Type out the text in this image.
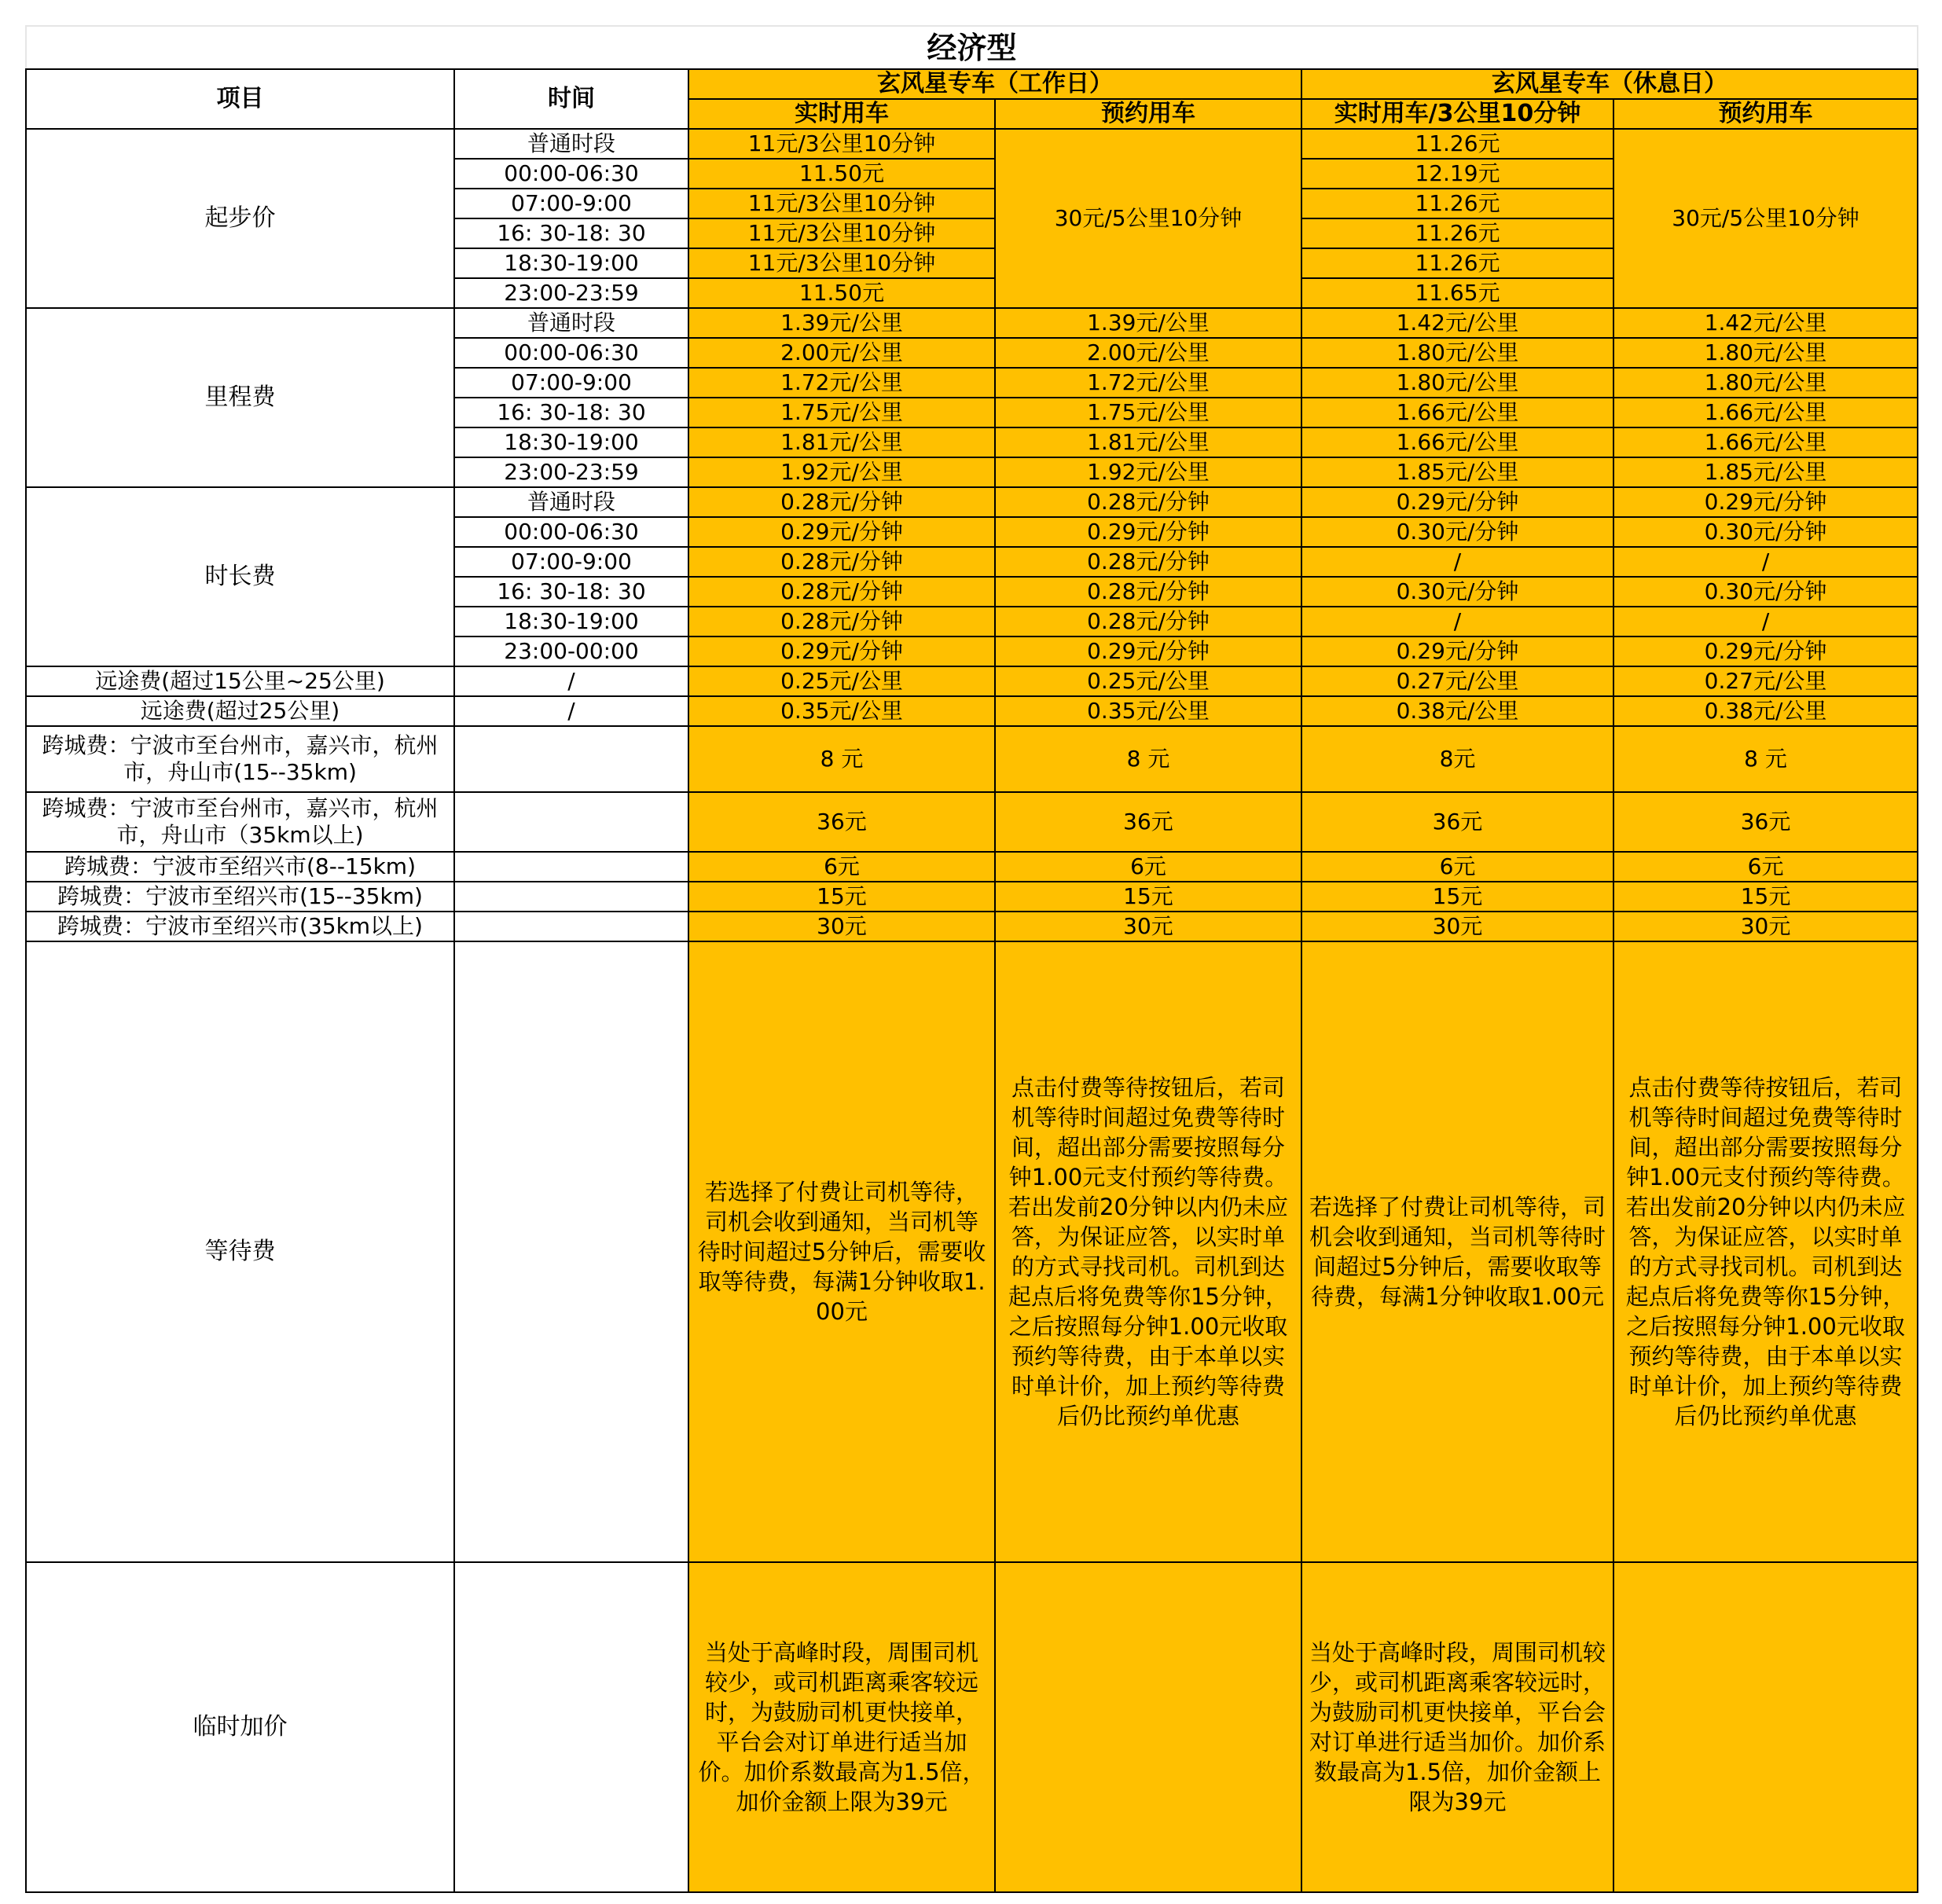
经济型					
项目	时间	玄风星专车（工作日）		玄风星专车（休息日）	
		实时用车	预约用车	实时用车/3公里10分钟	预约用车
起步价	普通时段	11元/3公里10分钟	30元/5公里10分钟	11.26元	30元/5公里10分钟
	00:00-06:30	11.50元		12.19元	
	07:00-9:00	11元/3公里10分钟		11.26元	
	16: 30-18: 30	11元/3公里10分钟		11.26元	
	18:30-19:00	11元/3公里10分钟		11.26元	
	23:00-23:59	11.50元		11.65元	
里程费	普通时段	1.39元/公里	1.39元/公里	1.42元/公里	1.42元/公里
	00:00-06:30	2.00元/公里	2.00元/公里	1.80元/公里	1.80元/公里
	07:00-9:00	1.72元/公里	1.72元/公里	1.80元/公里	1.80元/公里
	16: 30-18: 30	1.75元/公里	1.75元/公里	1.66元/公里	1.66元/公里
	18:30-19:00	1.81元/公里	1.81元/公里	1.66元/公里	1.66元/公里
	23:00-23:59	1.92元/公里	1.92元/公里	1.85元/公里	1.85元/公里
时长费	普通时段	0.28元/分钟	0.28元/分钟	0.29元/分钟	0.29元/分钟
	00:00-06:30	0.29元/分钟	0.29元/分钟	0.30元/分钟	0.30元/分钟
	07:00-9:00	0.28元/分钟	0.28元/分钟	/	/
	16: 30-18: 30	0.28元/分钟	0.28元/分钟	0.30元/分钟	0.30元/分钟
	18:30-19:00	0.28元/分钟	0.28元/分钟	/	/
	23:00-00:00	0.29元/分钟	0.29元/分钟	0.29元/分钟	0.29元/分钟
远途费(超过15公里~25公里)	/	0.25元/公里	0.25元/公里	0.27元/公里	0.27元/公里
远途费(超过25公里)	/	0.35元/公里	0.35元/公里	0.38元/公里	0.38元/公里
跨城费：宁波市至台州市，嘉兴市，杭州市，舟山市(15--35km)		8 元	8 元	8元	8 元
跨城费：宁波市至台州市，嘉兴市，杭州市，舟山市（35km以上)		36元	36元	36元	36元
跨城费：宁波市至绍兴市(8--15km)		6元	6元	6元	6元
跨城费：宁波市至绍兴市(15--35km)		15元	15元	15元	15元
跨城费：宁波市至绍兴市(35km以上)		30元	30元	30元	30元
等待费		若选择了付费让司机等待，司机会收到通知，当司机等待时间超过5分钟后，需要收取等待费，每满1分钟收取1.00元	点击付费等待按钮后，若司机等待时间超过免费等待时间，超出部分需要按照每分钟1.00元支付预约等待费。若出发前20分钟以内仍未应答，为保证应答，以实时单的方式寻找司机。司机到达起点后将免费等你15分钟，之后按照每分钟1.00元收取预约等待费，由于本单以实时单计价，加上预约等待费后仍比预约单优惠	若选择了付费让司机等待，司机会收到通知，当司机等待时间超过5分钟后，需要收取等待费，每满1分钟收取1.00元	点击付费等待按钮后，若司机等待时间超过免费等待时间，超出部分需要按照每分钟1.00元支付预约等待费。若出发前20分钟以内仍未应答，为保证应答，以实时单的方式寻找司机。司机到达起点后将免费等你15分钟，之后按照每分钟1.00元收取预约等待费，由于本单以实时单计价，加上预约等待费后仍比预约单优惠
临时加价		当处于高峰时段，周围司机较少，或司机距离乘客较远时，为鼓励司机更快接单，平台会对订单进行适当加价。加价系数最高为1.5倍，加价金额上限为39元		当处于高峰时段，周围司机较少，或司机距离乘客较远时，为鼓励司机更快接单，平台会对订单进行适当加价。加价系数最高为1.5倍，加价金额上限为39元	
